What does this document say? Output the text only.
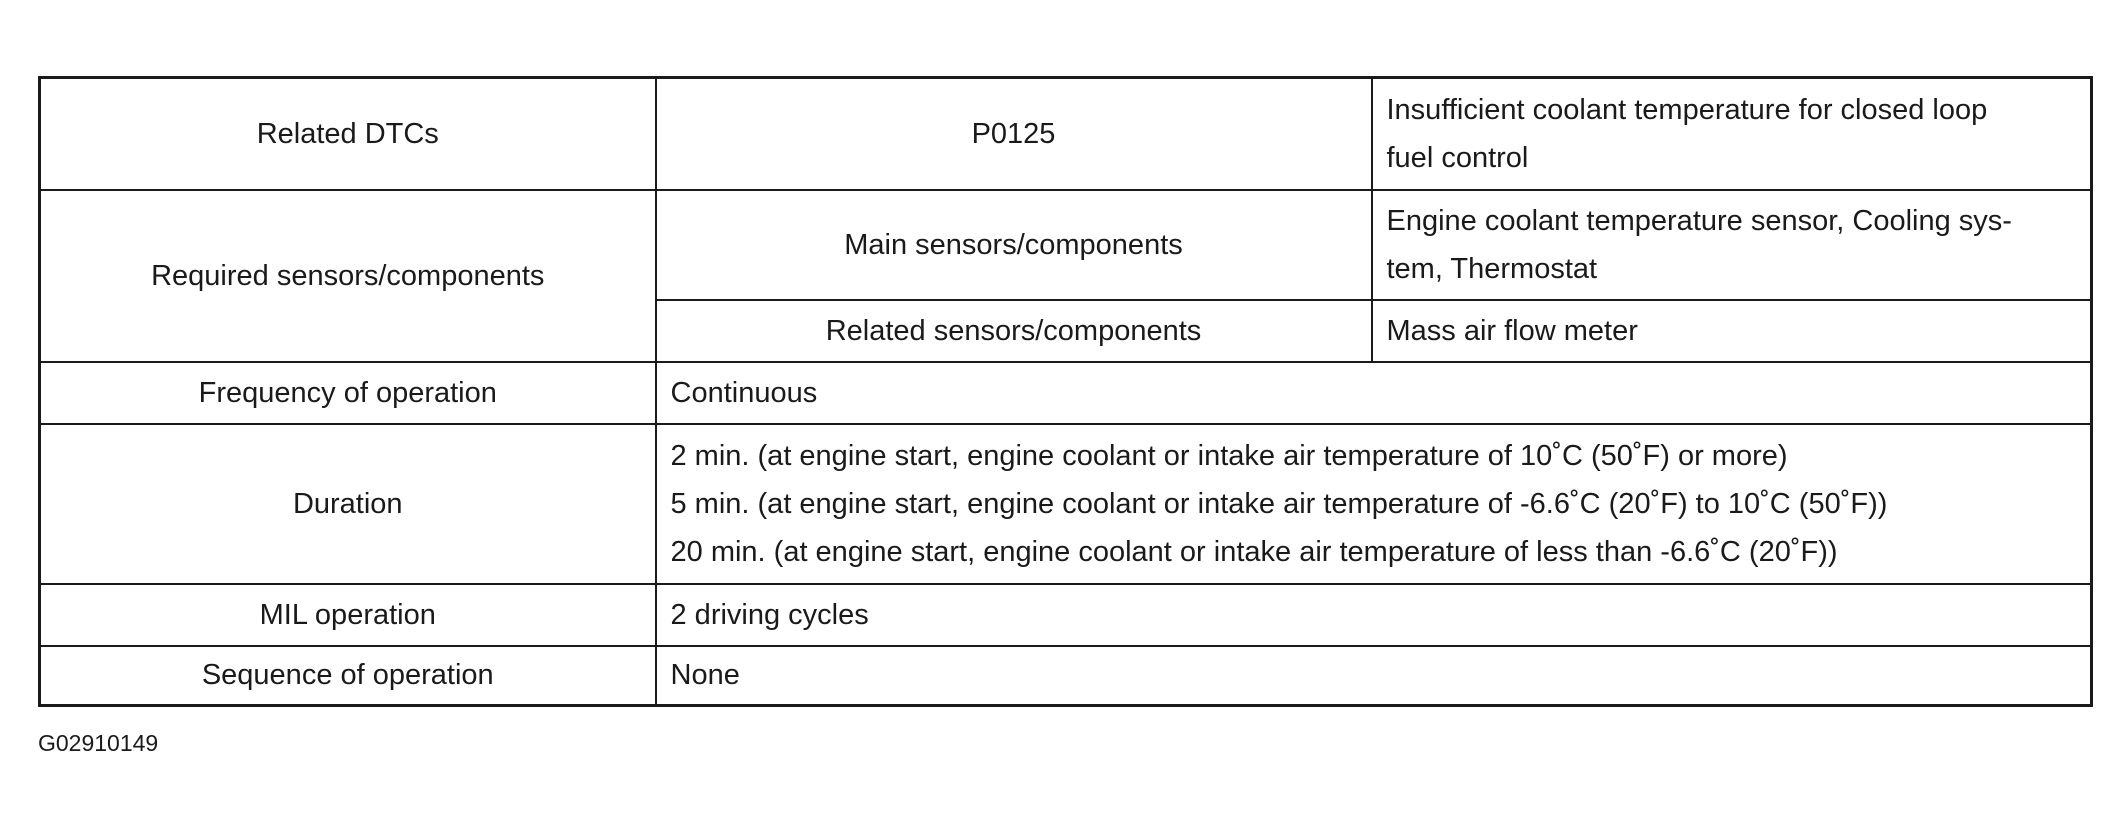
Related DTCs	P0125	Insufficient coolant temperature for closed loop
fuel control

Required sensors/components	Main sensors/components	Engine coolant temperature sensor, Cooling sys-
tem, Thermostat

	Related sensors/components	Mass air flow meter
Frequency of operation	Continuous	
Duration	2 min. (at engine start, engine coolant or intake air temperature of 10˚C (50˚F) or more)
5 min. (at engine start, engine coolant or intake air temperature of -6.6˚C (20˚F) to 10˚C (50˚F))
20 min. (at engine start, engine coolant or intake air temperature of less than -6.6˚C (20˚F))	

MIL operation	2 driving cycles	
Sequence of operation	None	
G02910149
